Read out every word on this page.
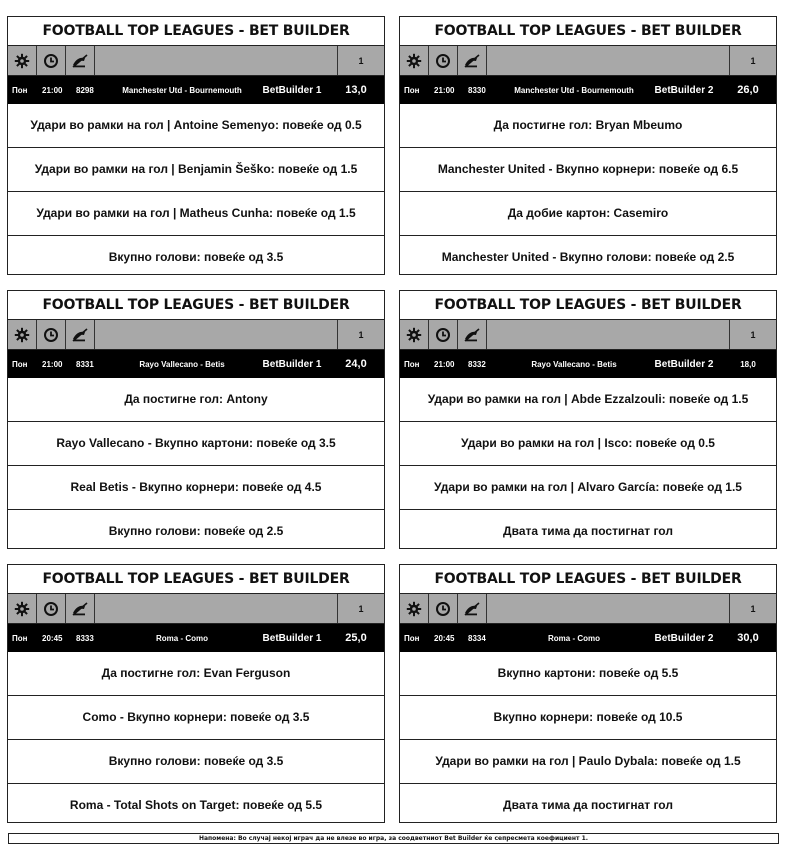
FOOTBALL TOP LEAGUES - BET BUILDER
1
Пон	21:00	8298	Manchester Utd - Bournemouth	BetBuilder 1	13,0
Удари во рамки на гол | Antoine Semenyo: повеќе од 0.5
Удари во рамки на гол | Benjamin Šeško: повеќе од 1.5
Удари во рамки на гол | Matheus Cunha: повеќе од 1.5
Вкупно голови: повеќе од 3.5
FOOTBALL TOP LEAGUES - BET BUILDER
1
Пон	21:00	8330	Manchester Utd - Bournemouth	BetBuilder 2	26,0
Да постигне гол: Bryan Mbeumo
Manchester United - Вкупно корнери: повеќе од 6.5
Да добие картон: Casemiro
Manchester United - Вкупно голови: повеќе од 2.5
FOOTBALL TOP LEAGUES - BET BUILDER
1
Пон	21:00	8331	Rayo Vallecano - Betis	BetBuilder 1	24,0
Да постигне гол: Antony
Rayo Vallecano - Вкупно картони: повеќе од 3.5
Real Betis - Вкупно корнери: повеќе од 4.5
Вкупно голови: повеќе од 2.5
FOOTBALL TOP LEAGUES - BET BUILDER
1
Пон	21:00	8332	Rayo Vallecano - Betis	BetBuilder 2	18,0
Удари во рамки на гол | Abde Ezzalzouli: повеќе од 1.5
Удари во рамки на гол | Isco: повеќе од 0.5
Удари во рамки на гол | Alvaro García: повеќе од 1.5
Двата тима да постигнат гол
FOOTBALL TOP LEAGUES - BET BUILDER
1
Пон	20:45	8333	Roma - Como	BetBuilder 1	25,0
Да постигне гол: Evan Ferguson
Como - Вкупно корнери: повеќе од 3.5
Вкупно голови: повеќе од 3.5
Roma - Total Shots on Target: повеќе од 5.5
FOOTBALL TOP LEAGUES - BET BUILDER
1
Пон	20:45	8334	Roma - Como	BetBuilder 2	30,0
Вкупно картони: повеќе од 5.5
Вкупно корнери: повеќе од 10.5
Удари во рамки на гол | Paulo Dybala: повеќе од 1.5
Двата тима да постигнат гол
Напомена: Во случај некој играч да не влезе во игра, за соодветниот Bet Builder ќе сепресмета коефициент 1.
